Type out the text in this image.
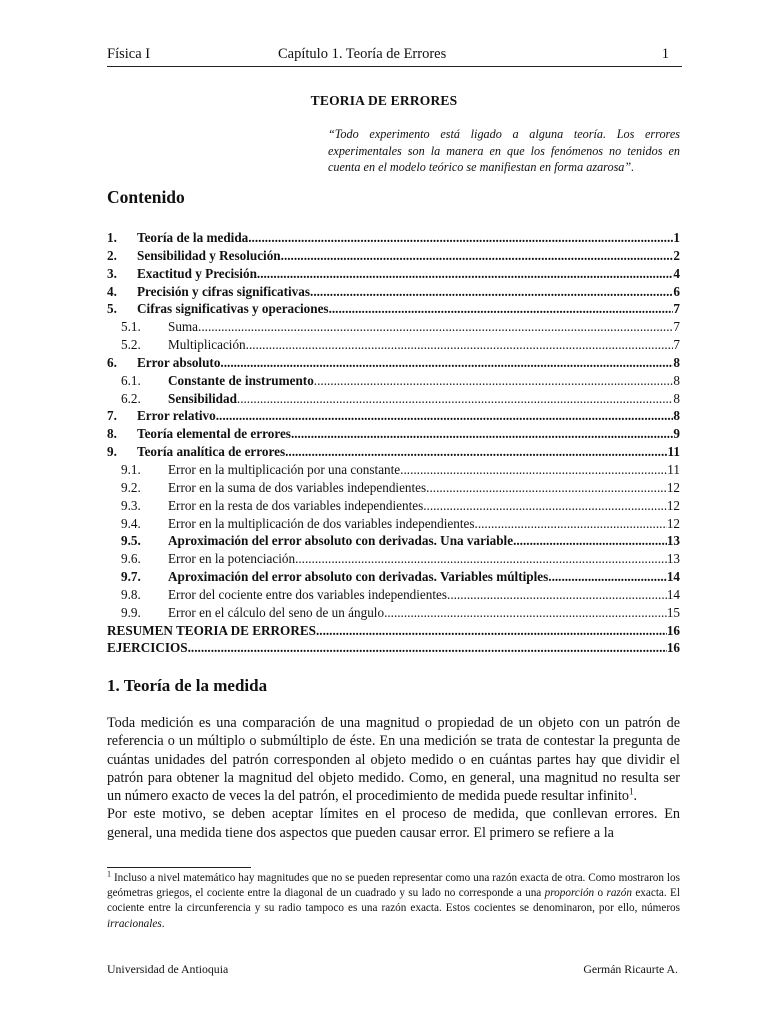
Física I	Capítulo 1. Teoría de Errores	1
TEORIA DE ERRORES
“Todo experimento está ligado a alguna teoría. Los errores experimentales son la manera en que los fenómenos no tenidos en cuenta en el modelo teórico se manifiestan en forma azarosa”.
Contenido
1.	Teoría de la medida .....	1
2.	Sensibilidad y Resolución .....	2
3.	Exactitud y Precisión .....	4
4.	Precisión y cifras significativas .....	6
5.	Cifras significativas y operaciones .....	7
5.1.	Suma .....	7
5.2.	Multiplicación .....	7
6.	Error absoluto .....	8
6.1.	Constante de instrumento .....	8
6.2.	Sensibilidad .....	8
7.	Error relativo .....	8
8.	Teoría elemental de errores .....	9
9.	Teoría analítica de errores .....	11
9.1.	Error en la multiplicación por una constante .....	11
9.2.	Error en la suma de dos variables independientes .....	12
9.3.	Error en la resta de dos variables independientes .....	12
9.4.	Error en la multiplicación de dos variables independientes .....	12
9.5.	Aproximación del error absoluto con derivadas. Una variable. .....	13
9.6.	Error en la potenciación .....	13
9.7.	Aproximación del error absoluto con derivadas. Variables múltiples .....	14
9.8.	Error del cociente entre dos variables independientes .....	14
9.9.	Error en el cálculo del seno de un ángulo .....	15
RESUMEN TEORIA DE ERRORES .....	16
EJERCICIOS .....	16
1. Teoría de la medida

Toda medición es una comparación de una magnitud o propiedad de un objeto con un patrón de referencia o un múltiplo o submúltiplo de éste. En una medición se trata de contestar la pregunta de cuántas unidades del patrón corresponden al objeto medido o en cuántas partes hay que dividir el patrón para obtener la magnitud del objeto medido. Como, en general, una magnitud no resulta ser un número exacto de veces la del patrón, el procedimiento de medida puede resultar infinito$^1$.

Por este motivo, se deben aceptar límites en el proceso de medida, que conllevan errores. En general, una medida tiene dos aspectos que pueden causar error. El primero se refiere a la

$^1$ Incluso a nivel matemático hay magnitudes que no se pueden representar como una razón exacta de otra. Como mostraron los geómetras griegos, el cociente entre la diagonal de un cuadrado y su lado no corresponde a una proporción o razón exacta. El cociente entre la circunferencia y su radio tampoco es una razón exacta. Estos cocientes se denominaron, por ello, números irracionales.
Universidad de Antioquia	Germán Ricaurte A.
